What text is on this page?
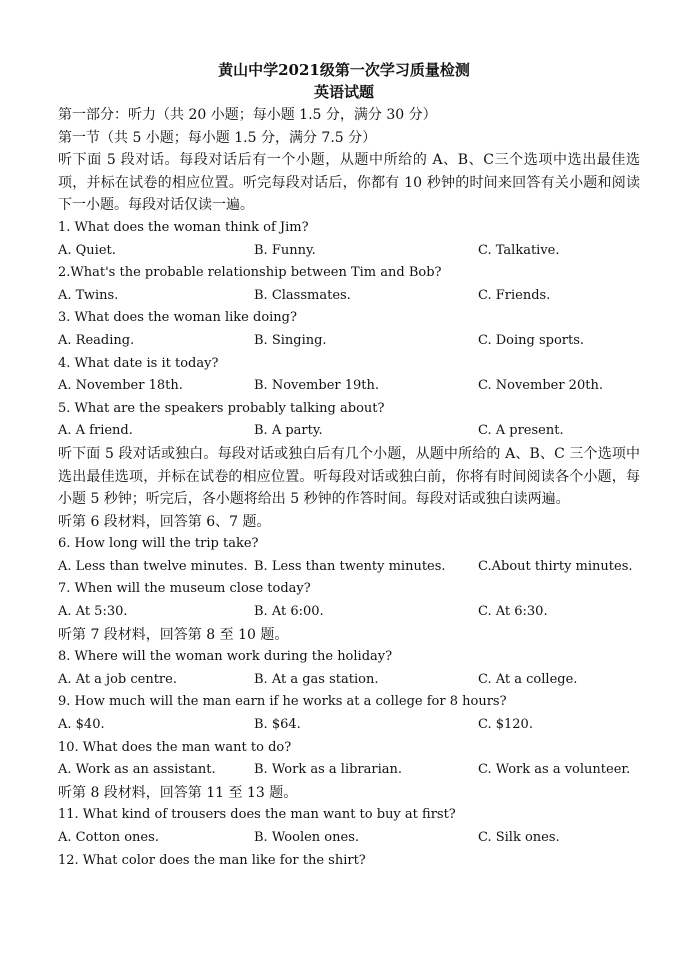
黄山中学2021级第一次学习质量检测
英语试题
第一部分：听力（共 20 小题；每小题 1.5 分，满分 30 分）
第一节（共 5 小题；每小题 1.5 分，满分 7.5 分）
听下面 5 段对话。每段对话后有一个小题，从题中所给的 A、B、C三个选项中选出最佳选项，并标在试卷的相应位置。听完每段对话后，你都有 10 秒钟的时间来回答有关小题和阅读下一小题。每段对话仅读一遍。
1. What does the woman think of Jim?
A. Quiet.	B. Funny.	C. Talkative.
2.What's the probable relationship between Tim and Bob?
A. Twins.	B. Classmates.	C. Friends.
3. What does the woman like doing?
A. Reading.	B. Singing.	C. Doing sports.
4. What date is it today?
A. November 18th.	B. November 19th.	C. November 20th.
5. What are the speakers probably talking about?
A. A friend.	B. A party.	C. A present.
听下面 5 段对话或独白。每段对话或独白后有几个小题，从题中所给的 A、B、C 三个选项中选出最佳选项，并标在试卷的相应位置。听每段对话或独白前，你将有时间阅读各个小题，每小题 5 秒钟；听完后，各小题将给出 5 秒钟的作答时间。每段对话或独白读两遍。
听第 6 段材料，回答第 6、7 题。
6. How long will the trip take?
A. Less than twelve minutes. B. Less than twenty minutes. C.About thirty minutes.
7. When will the museum close today?
A. At 5:30.	B. At 6:00.	C. At 6:30.
听第 7 段材料，回答第 8 至 10 题。
8. Where will the woman work during the holiday?
A. At a job centre.	B. At a gas station.	C. At a college.
9. How much will the man earn if he works at a college for 8 hours?
A. $40.	B. $64.	C. $120.
10. What does the man want to do?
A. Work as an assistant.	B. Work as a librarian.	C. Work as a volunteer.
听第 8 段材料，回答第 11 至 13 题。
11. What kind of trousers does the man want to buy at first?
A. Cotton ones.	B. Woolen ones.	C. Silk ones.
12. What color does the man like for the shirt?
